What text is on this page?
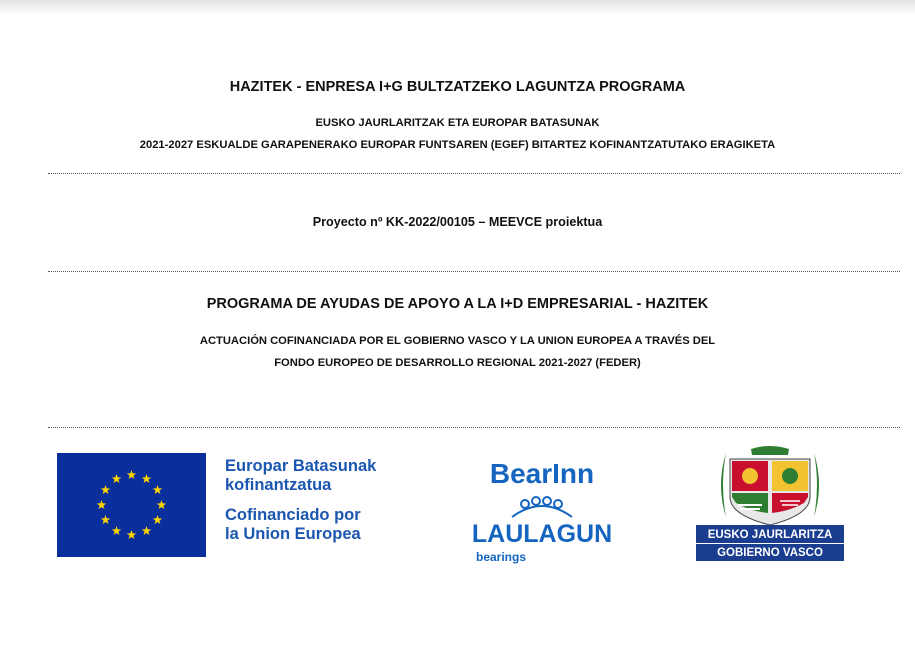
HAZITEK - ENPRESA I+G BULTZATZEKO LAGUNTZA PROGRAMA
EUSKO JAURLARITZAK ETA EUROPAR BATASUNAK
2021-2027 ESKUALDE GARAPENERAKO EUROPAR FUNTSAREN (EGEF) BITARTEZ KOFINANTZATUTAKO ERAGIKETA
Proyecto nº KK-2022/00105 – MEEVCE proiektua
PROGRAMA DE AYUDAS DE APOYO A LA I+D EMPRESARIAL - HAZITEK
ACTUACIÓN COFINANCIADA POR EL GOBIERNO VASCO Y LA UNION EUROPEA A TRAVÉS DEL
FONDO EUROPEO DE DESARROLLO REGIONAL 2021-2027 (FEDER)
Europar Batasunak
kofinantzatua
Cofinanciado por
la Union Europea
BearInn
LAULAGUN
bearings
EUSKO JAURLARITZA
GOBIERNO VASCO
